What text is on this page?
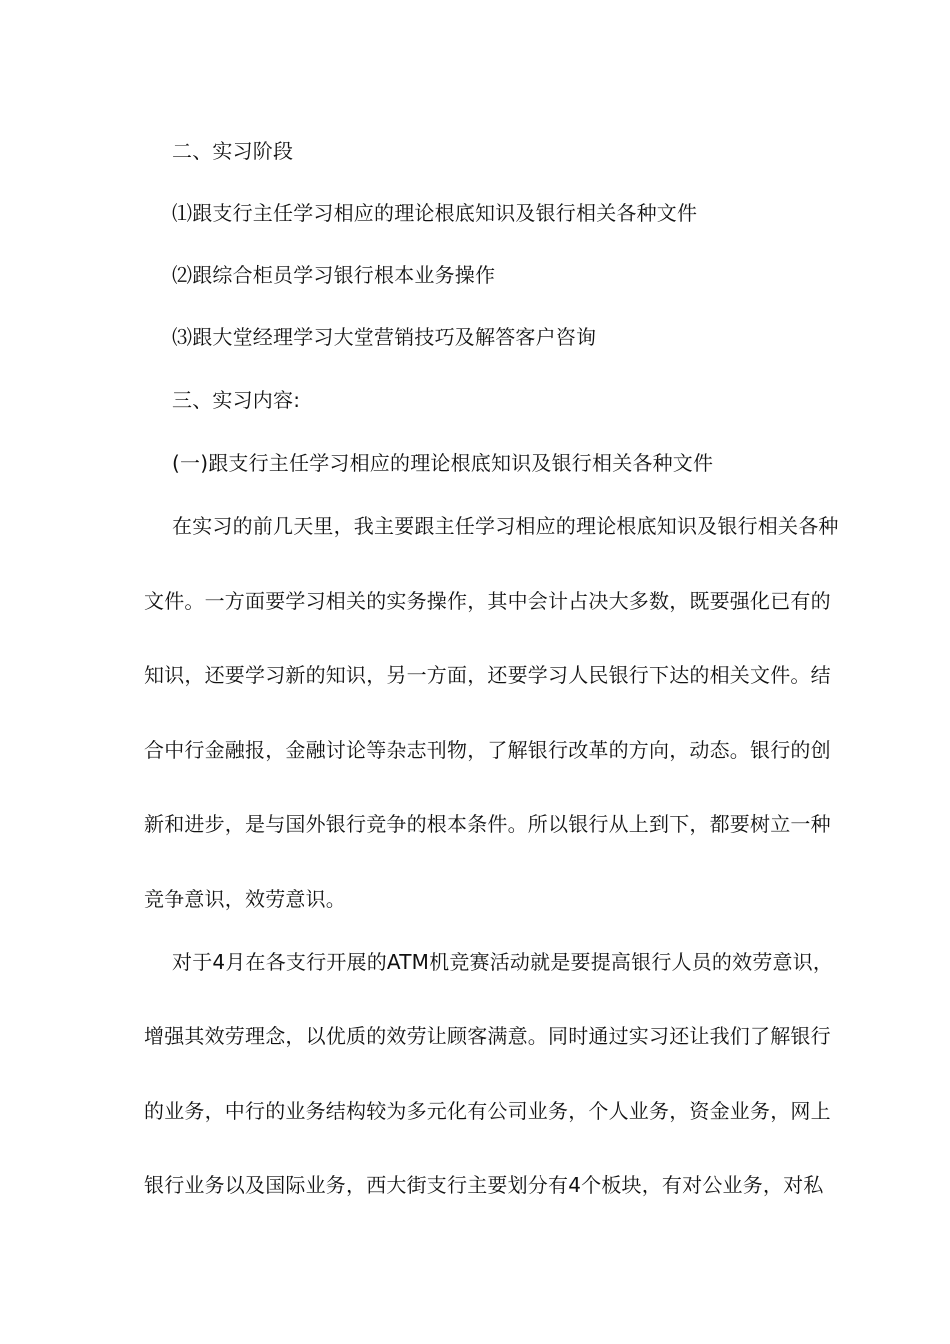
二、实习阶段
⑴跟支行主任学习相应的理论根底知识及银行相关各种文件
⑵跟综合柜员学习银行根本业务操作
⑶跟大堂经理学习大堂营销技巧及解答客户咨询
三、实习内容:
(一)跟支行主任学习相应的理论根底知识及银行相关各种文件
在实习的前几天里，我主要跟主任学习相应的理论根底知识及银行相关各种
文件。一方面要学习相关的实务操作，其中会计占决大多数，既要强化已有的
知识，还要学习新的知识，另一方面，还要学习人民银行下达的相关文件。结
合中行金融报，金融讨论等杂志刊物，了解银行改革的方向，动态。银行的创
新和进步，是与国外银行竞争的根本条件。所以银行从上到下，都要树立一种
竞争意识，效劳意识。
对于4月在各支行开展的ATM机竞赛活动就是要提高银行人员的效劳意识，
增强其效劳理念，以优质的效劳让顾客满意。同时通过实习还让我们了解银行
的业务，中行的业务结构较为多元化有公司业务，个人业务，资金业务，网上
银行业务以及国际业务，西大街支行主要划分有4个板块，有对公业务，对私
